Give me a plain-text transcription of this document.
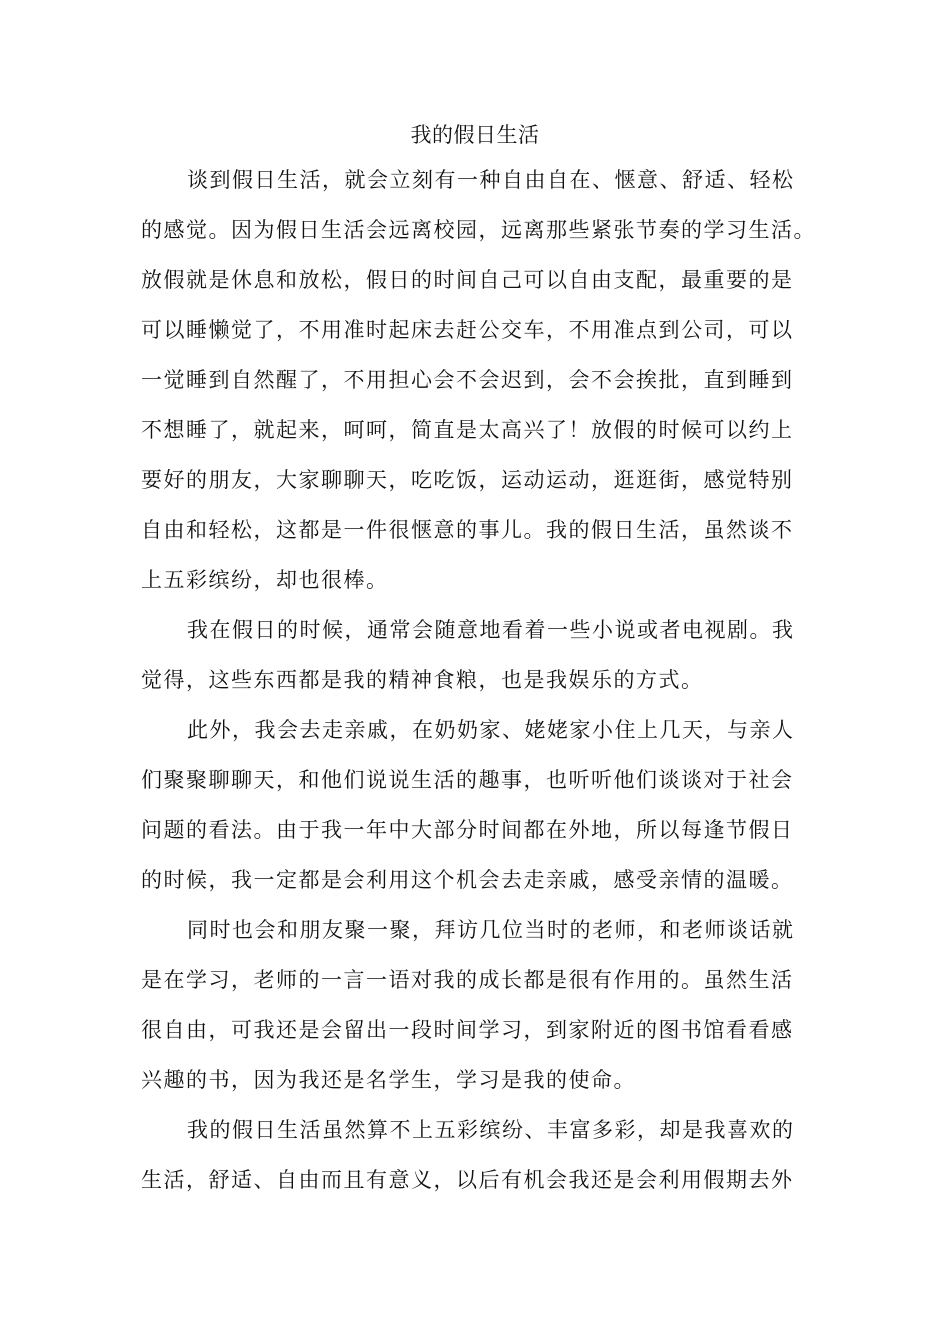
我的假日生活

谈到假日生活，就会立刻有一种自由自在、惬意、舒适、轻松
的感觉。因为假日生活会远离校园，远离那些紧张节奏的学习生活。
放假就是休息和放松，假日的时间自己可以自由支配，最重要的是
可以睡懒觉了，不用准时起床去赶公交车，不用准点到公司，可以
一觉睡到自然醒了，不用担心会不会迟到，会不会挨批，直到睡到
不想睡了，就起来，呵呵，简直是太高兴了！放假的时候可以约上
要好的朋友，大家聊聊天，吃吃饭，运动运动，逛逛街，感觉特别
自由和轻松，这都是一件很惬意的事儿。我的假日生活，虽然谈不
上五彩缤纷，却也很棒。

我在假日的时候，通常会随意地看着一些小说或者电视剧。我
觉得，这些东西都是我的精神食粮，也是我娱乐的方式。

此外，我会去走亲戚，在奶奶家、姥姥家小住上几天，与亲人
们聚聚聊聊天，和他们说说生活的趣事，也听听他们谈谈对于社会
问题的看法。由于我一年中大部分时间都在外地，所以每逢节假日
的时候，我一定都是会利用这个机会去走亲戚，感受亲情的温暖。

同时也会和朋友聚一聚，拜访几位当时的老师，和老师谈话就
是在学习，老师的一言一语对我的成长都是很有作用的。虽然生活
很自由，可我还是会留出一段时间学习，到家附近的图书馆看看感
兴趣的书，因为我还是名学生，学习是我的使命。

我的假日生活虽然算不上五彩缤纷、丰富多彩，却是我喜欢的
生活，舒适、自由而且有意义，以后有机会我还是会利用假期去外
